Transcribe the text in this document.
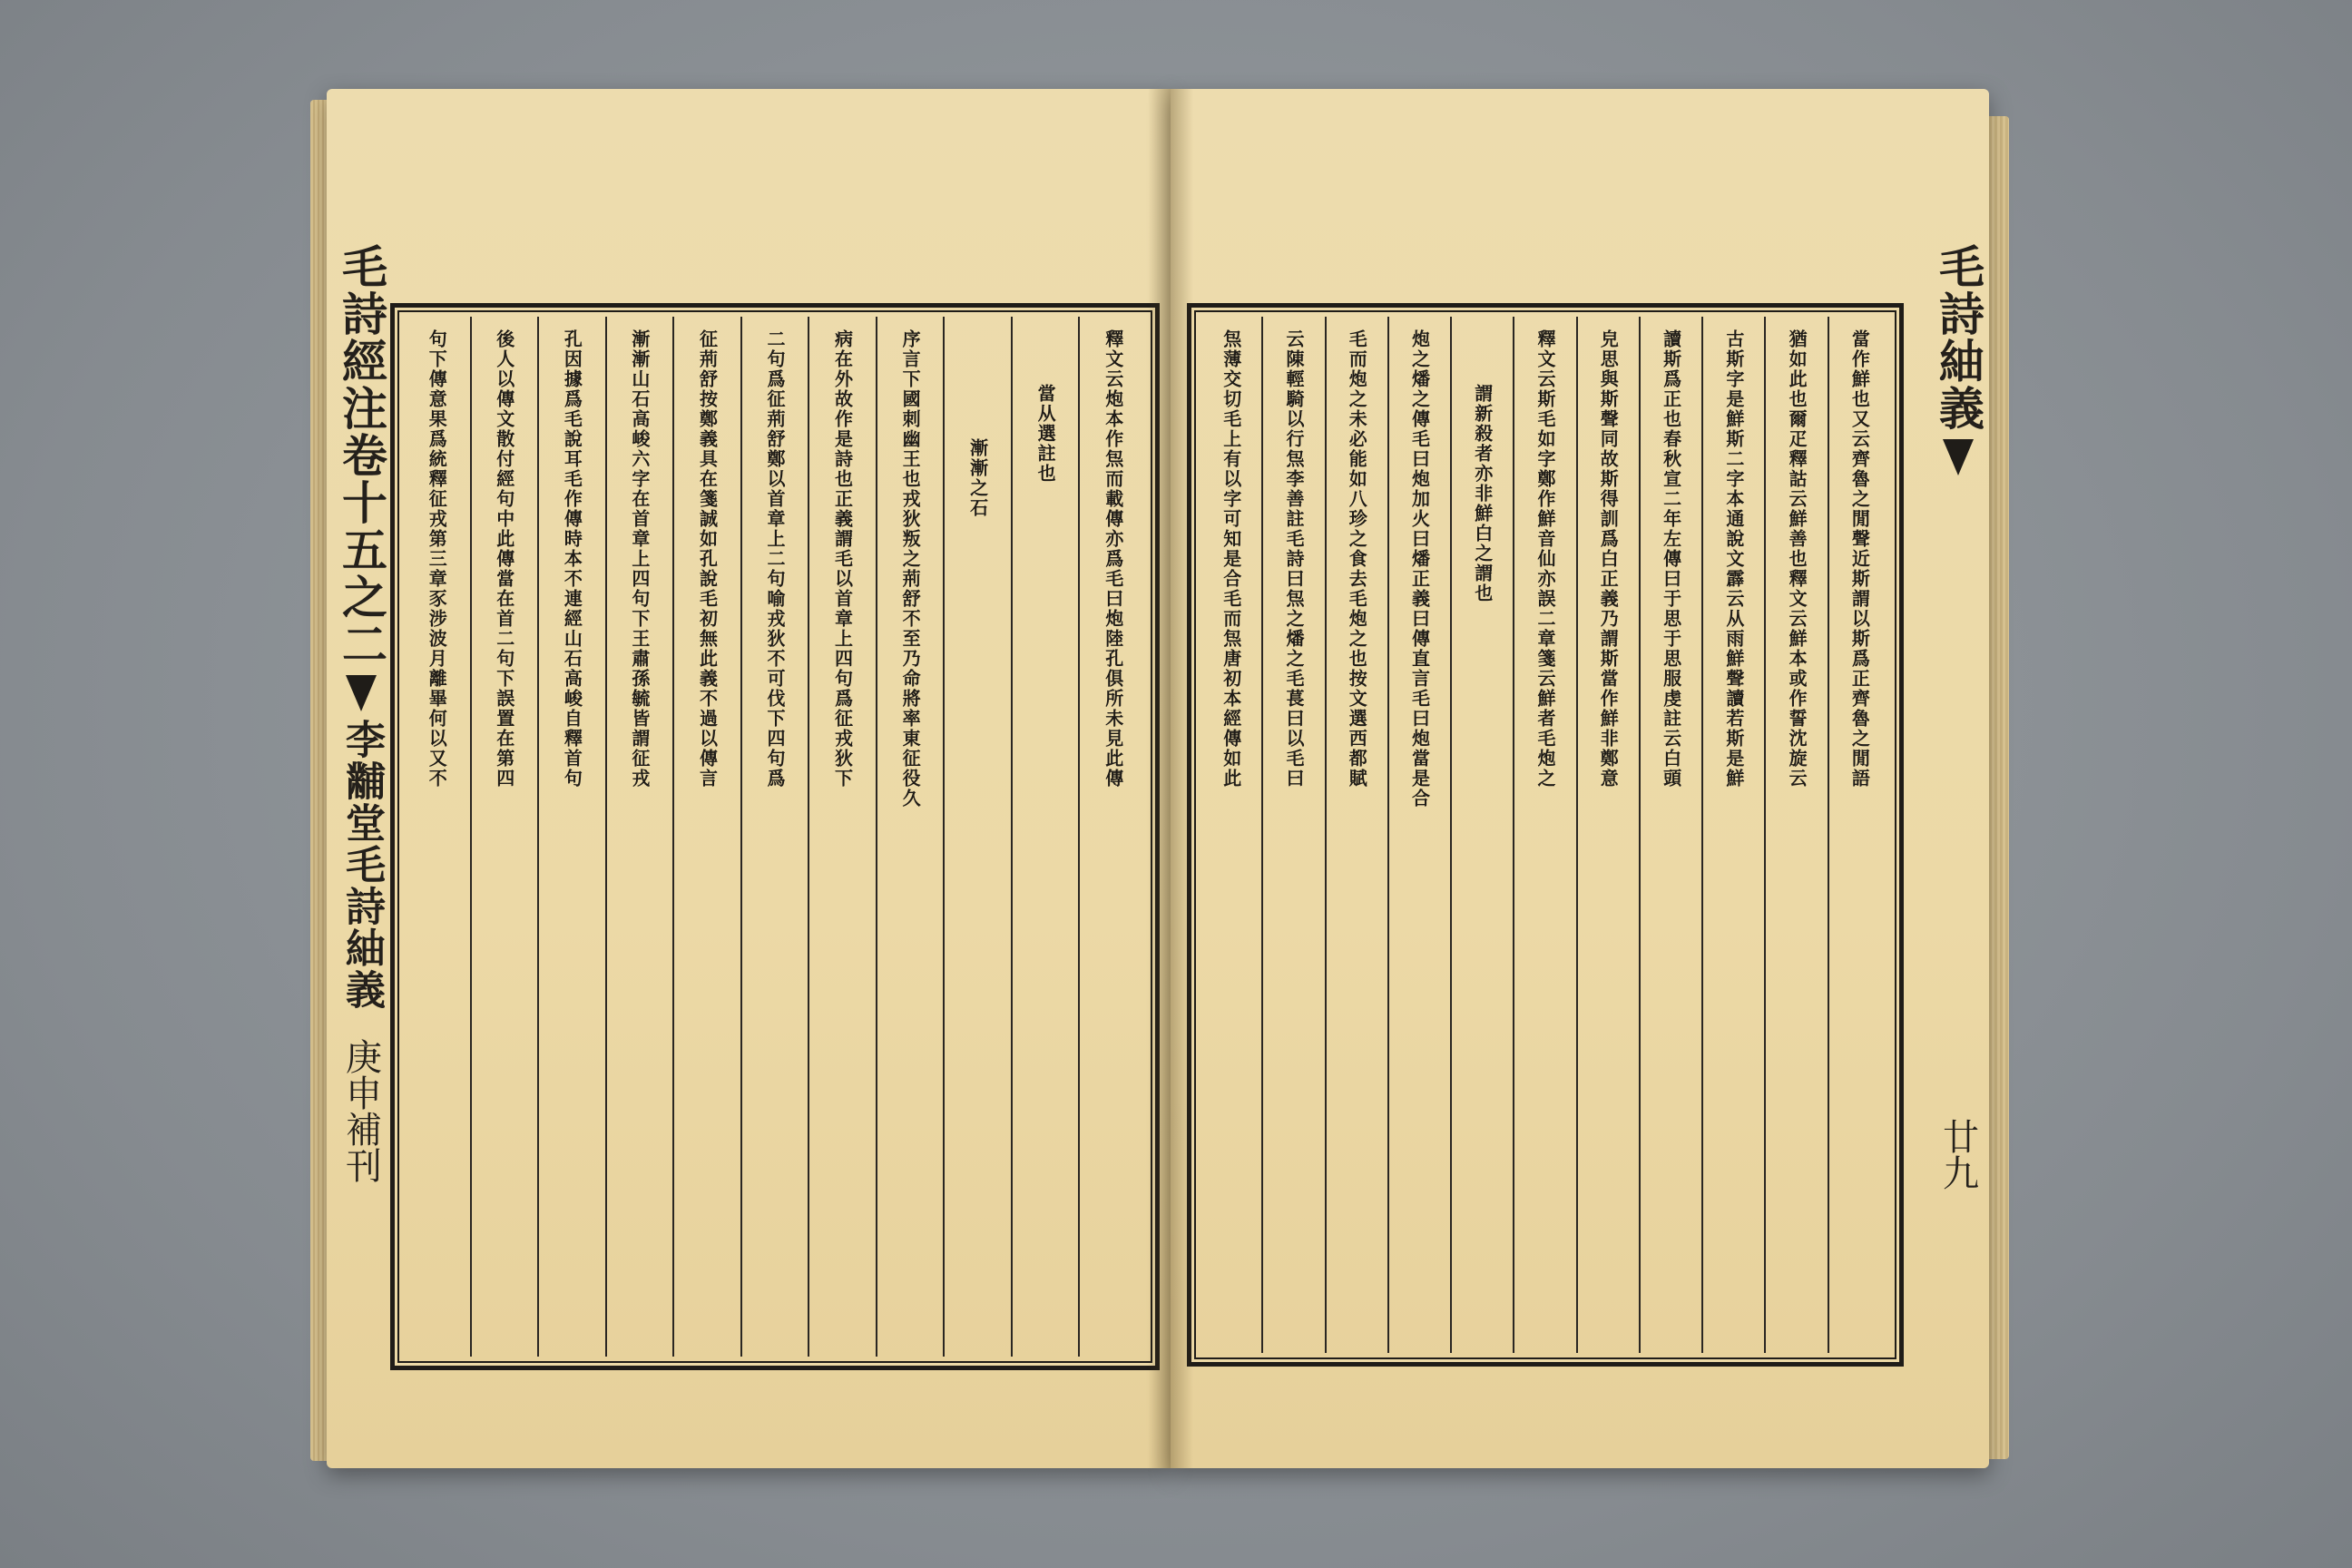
毛詩經注卷十五之二
李黼堂毛詩紬義
庚申補刊
釋文云炮本作炰而載傳亦爲毛曰炮陸孔俱所未見此傳
當从選註也
漸漸之石
序言下國刺幽王也戎狄叛之荊舒不至乃命將率東征役久
病在外故作是詩也正義謂毛以首章上四句爲征戎狄下
二句爲征荊舒鄭以首章上二句喻戎狄不可伐下四句爲
征荊舒按鄭義具在箋誠如孔說毛初無此義不過以傳言
漸漸山石高峻六字在首章上四句下王肅孫毓皆謂征戎
孔因據爲毛說耳毛作傳時本不連經山石高峻自釋首句
後人以傳文散付經句中此傳當在首二句下誤置在第四
句下傳意果爲統釋征戎第三章豕涉波月離畢何以又不	當作鮮也又云齊魯之閒聲近斯謂以斯爲正齊魯之閒語
猶如此也爾疋釋詁云鮮善也釋文云鮮本或作誓沈旋云
古斯字是鮮斯二字本通說文霹云从雨鮮聲讀若斯是鮮
讀斯爲正也春秋宣二年左傳曰于思于思服虔註云白頭
皃思與斯聲同故斯得訓爲白正義乃謂斯當作鮮非鄭意
釋文云斯毛如字鄭作鮮音仙亦誤二章箋云鮮者毛炮之
謂新殺者亦非鮮白之謂也
炮之燔之傳毛曰炮加火曰燔正義曰傳直言毛曰炮當是合
毛而炮之未必能如八珍之食去毛炮之也按文選西都賦
云陳輕騎以行炰李善註毛詩曰炰之燔之毛萇曰以毛曰
炰薄交切毛上有以字可知是合毛而炰唐初本經傳如此	毛詩紬義
廿九
